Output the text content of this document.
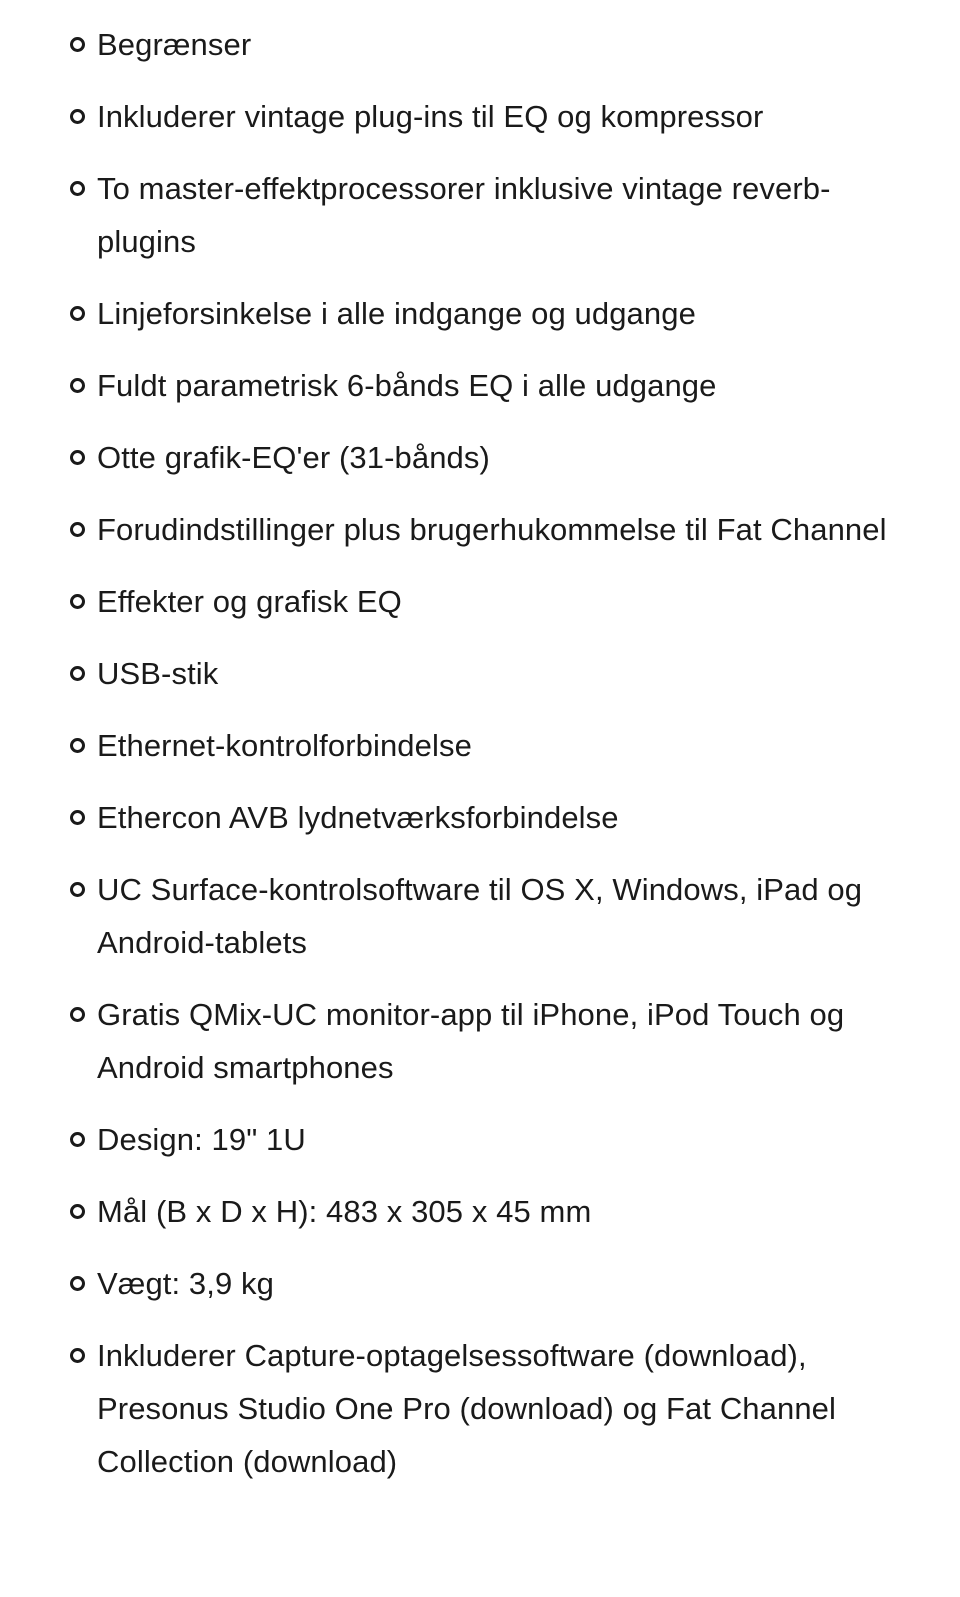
Begrænser
Inkluderer vintage plug-ins til EQ og kompressor
To master-effektprocessorer inklusive vintage reverb-plugins
Linjeforsinkelse i alle indgange og udgange
Fuldt parametrisk 6-bånds EQ i alle udgange
Otte grafik-EQ'er (31-bånds)
Forudindstillinger plus brugerhukommelse til Fat Channel
Effekter og grafisk EQ
USB-stik
Ethernet-kontrolforbindelse
Ethercon AVB lydnetværksforbindelse
UC Surface-kontrolsoftware til OS X, Windows, iPad og Android-tablets
Gratis QMix-UC monitor-app til iPhone, iPod Touch og Android smartphones
Design: 19" 1U
Mål (B x D x H): 483 x 305 x 45 mm
Vægt: 3,9 kg
Inkluderer Capture-optagelsessoftware (download), Presonus Studio One Pro (download) og Fat Channel Collection (download)
